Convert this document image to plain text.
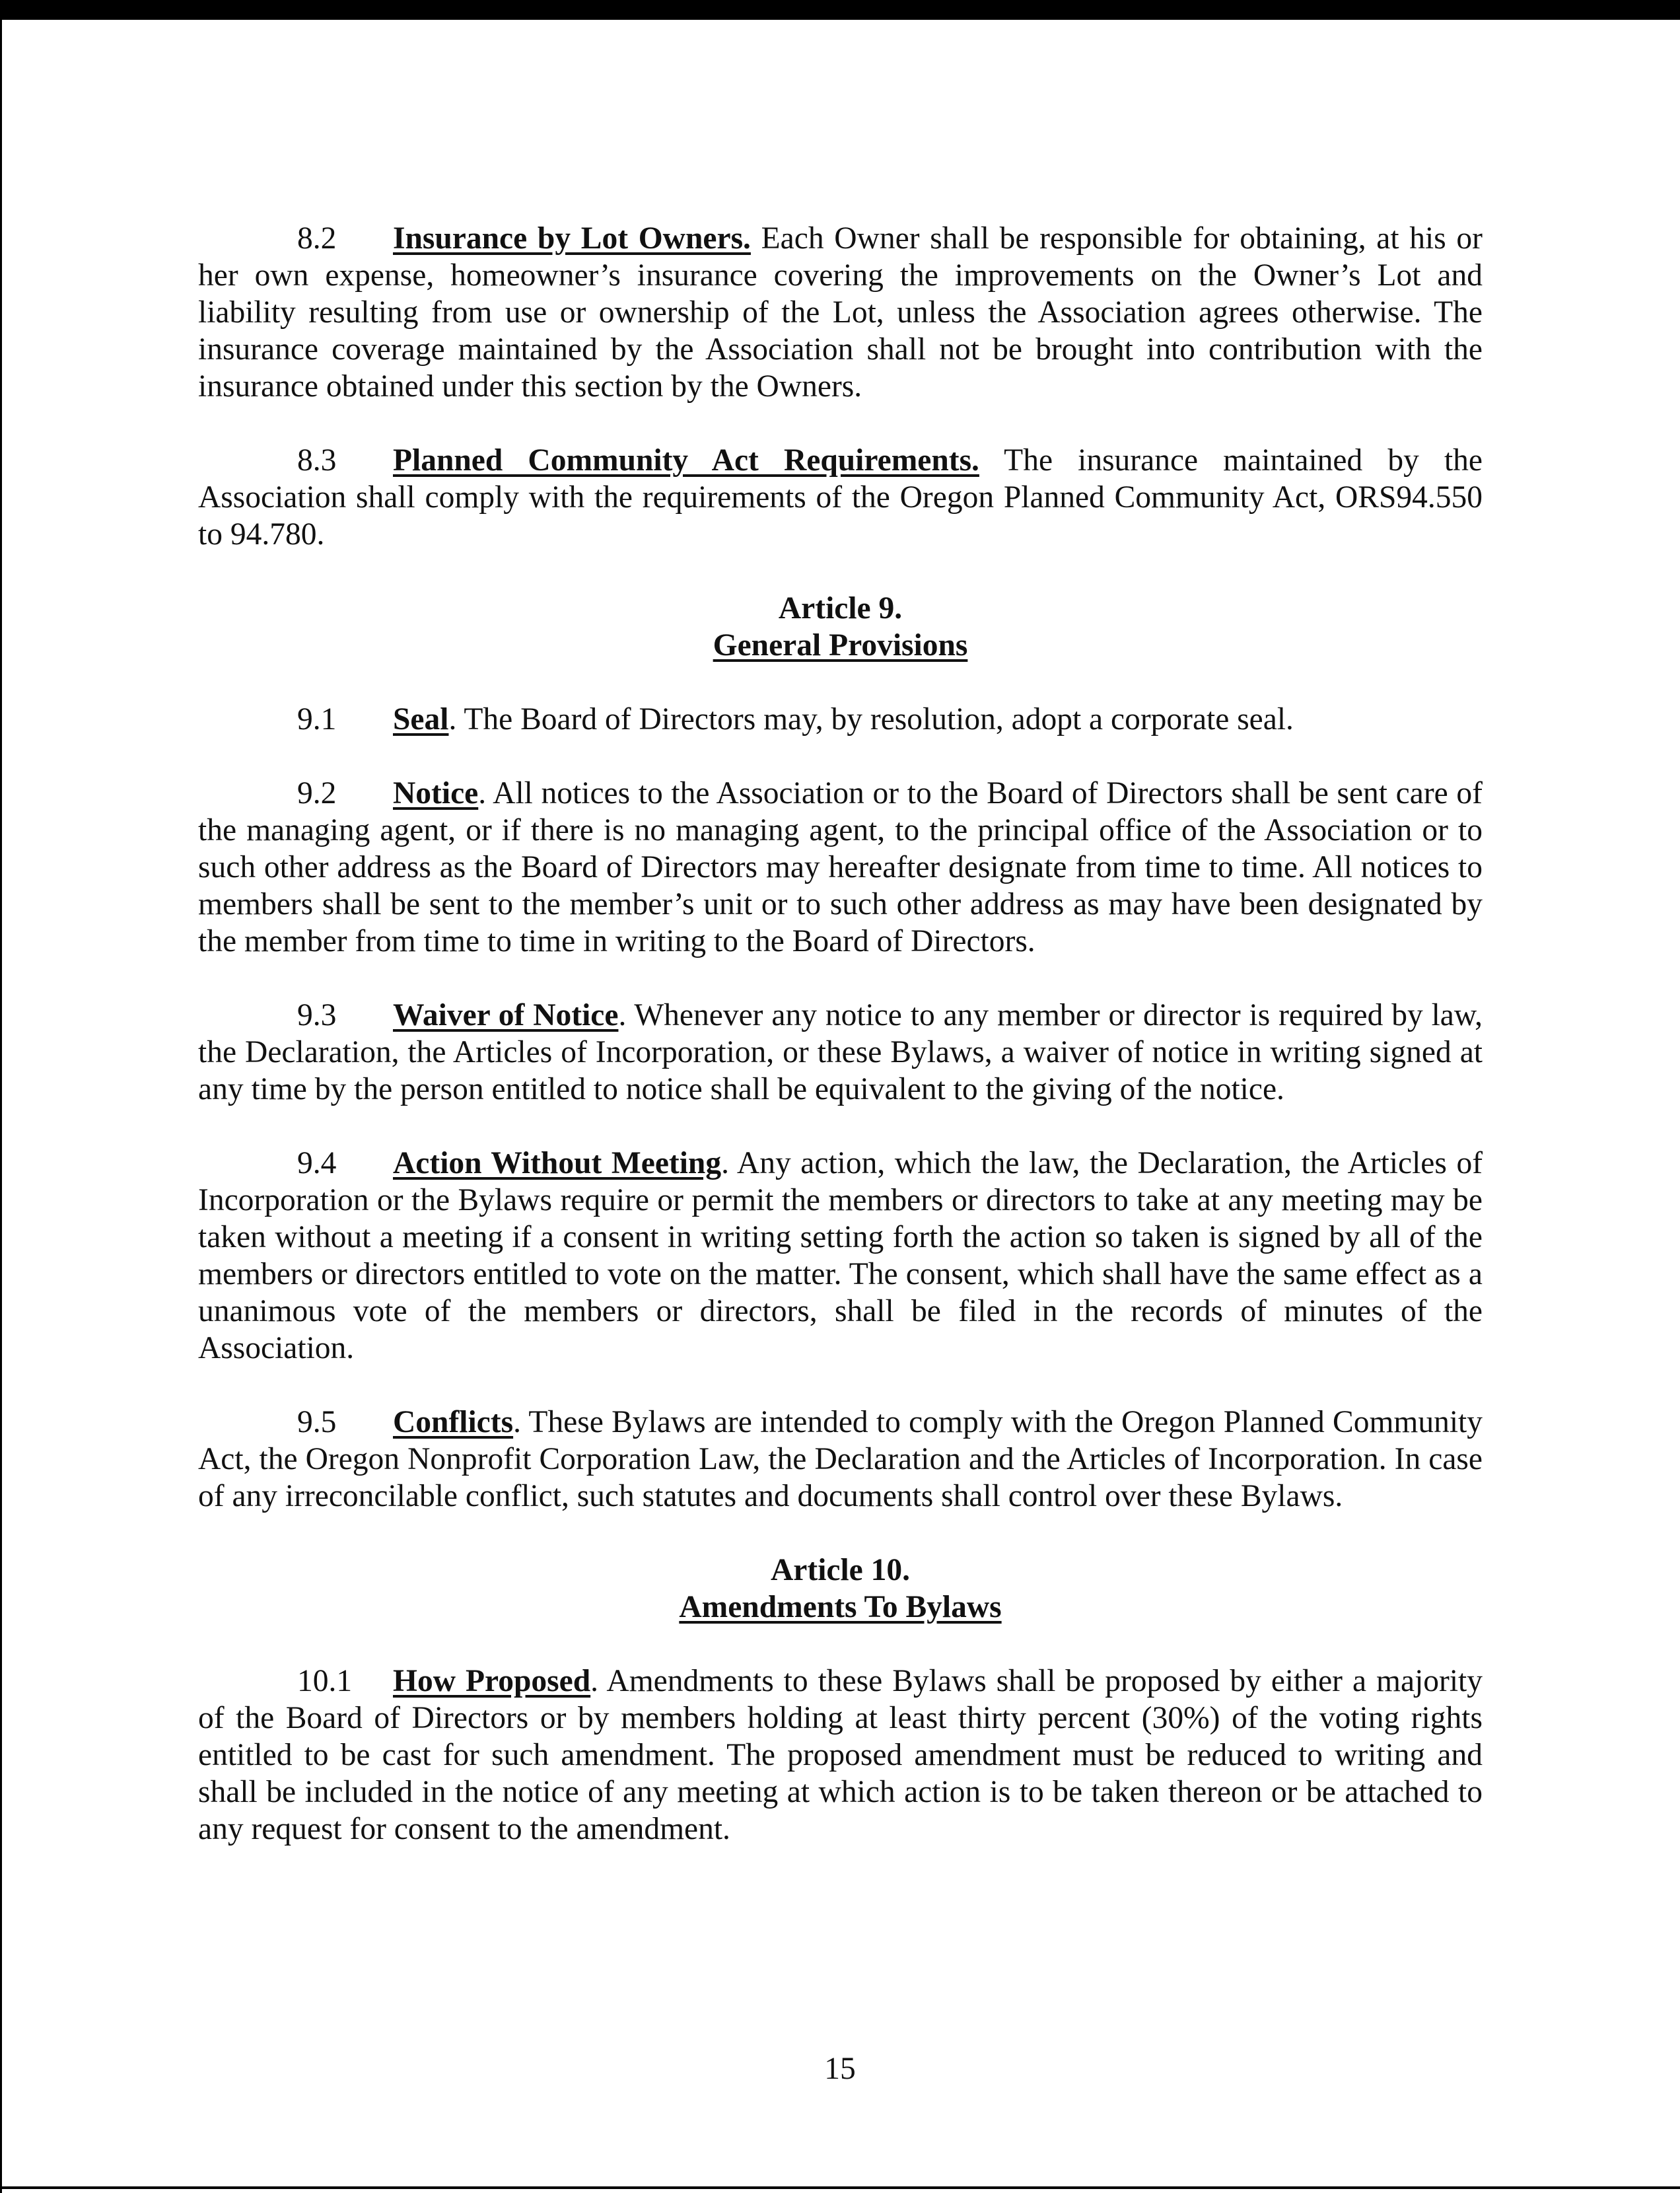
8.2 Insurance by Lot Owners. Each Owner shall be responsible for obtaining, at his or her own expense, homeowner’s insurance covering the improvements on the Owner’s Lot and liability resulting from use or ownership of the Lot, unless the Association agrees otherwise. The insurance coverage maintained by the Association shall not be brought into contribution with the insurance obtained under this section by the Owners.

8.3 Planned Community Act Requirements. The insurance maintained by the Association shall comply with the requirements of the Oregon Planned Community Act, ORS94.550 to 94.780.

Article 9.
General Provisions

9.1 Seal. The Board of Directors may, by resolution, adopt a corporate seal.

9.2 Notice. All notices to the Association or to the Board of Directors shall be sent care of the managing agent, or if there is no managing agent, to the principal office of the Association or to such other address as the Board of Directors may hereafter designate from time to time. All notices to members shall be sent to the member’s unit or to such other address as may have been designated by the member from time to time in writing to the Board of Directors.

9.3 Waiver of Notice. Whenever any notice to any member or director is required by law, the Declaration, the Articles of Incorporation, or these Bylaws, a waiver of notice in writing signed at any time by the person entitled to notice shall be equivalent to the giving of the notice.

9.4 Action Without Meeting. Any action, which the law, the Declaration, the Articles of Incorporation or the Bylaws require or permit the members or directors to take at any meeting may be taken without a meeting if a consent in writing setting forth the action so taken is signed by all of the members or directors entitled to vote on the matter. The consent, which shall have the same effect as a unanimous vote of the members or directors, shall be filed in the records of minutes of the Association.

9.5 Conflicts. These Bylaws are intended to comply with the Oregon Planned Community Act, the Oregon Nonprofit Corporation Law, the Declaration and the Articles of Incorporation. In case of any irreconcilable conflict, such statutes and documents shall control over these Bylaws.

Article 10.
Amendments To Bylaws

10.1 How Proposed. Amendments to these Bylaws shall be proposed by either a majority of the Board of Directors or by members holding at least thirty percent (30%) of the voting rights entitled to be cast for such amendment. The proposed amendment must be reduced to writing and shall be included in the notice of any meeting at which action is to be taken thereon or be attached to any request for consent to the amendment.

15
